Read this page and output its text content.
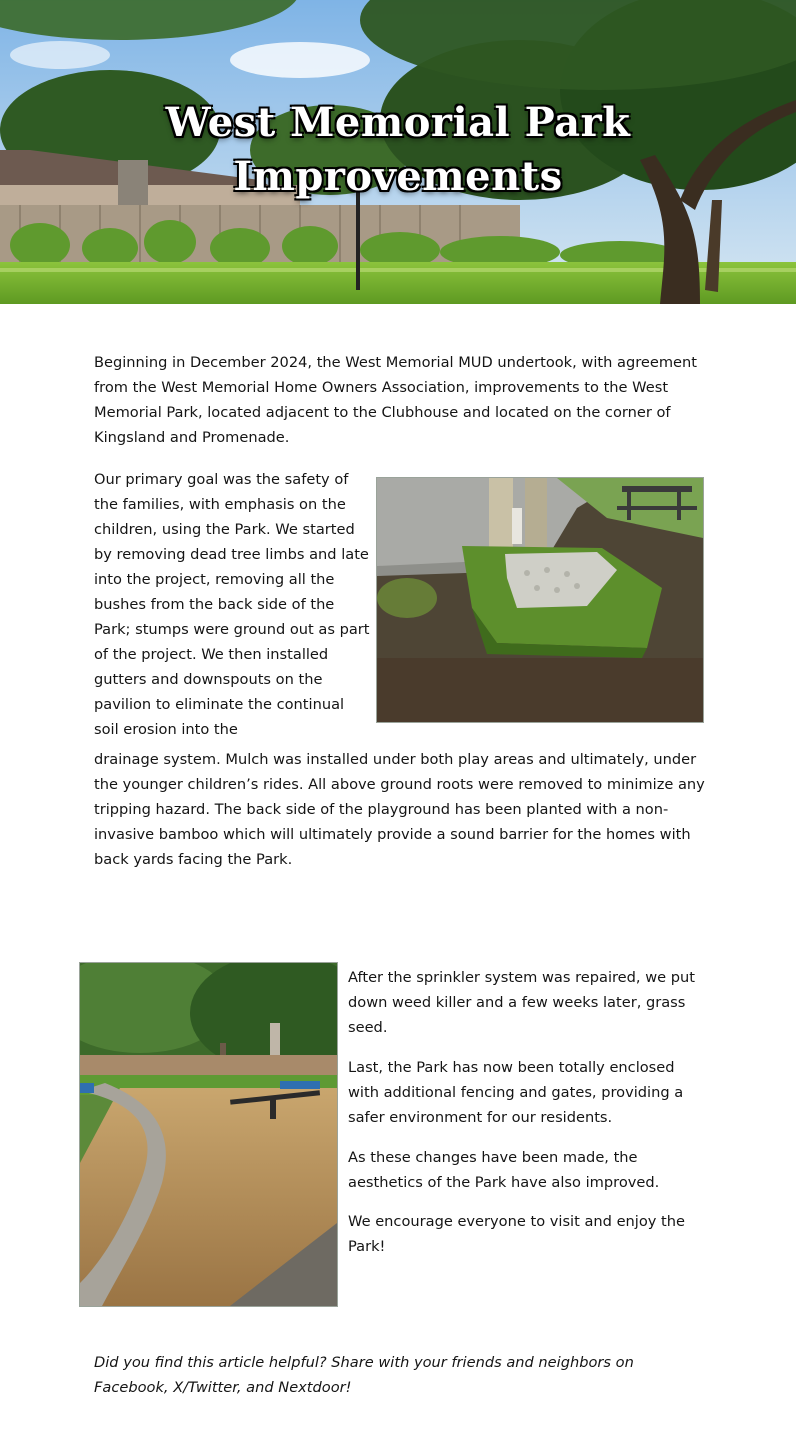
West Memorial Park
Improvements

Beginning in December 2024, the West Memorial MUD undertook, with agreement from the West Memorial Home Owners Association, improvements to the West Memorial Park, located adjacent to the Clubhouse and located on the corner of Kingsland and Promenade.

Our primary goal was the safety of the families, with emphasis on the children, using the Park. We started by removing dead tree limbs and late into the project, removing all the bushes from the back side of the Park; stumps were ground out as part of the project. We then installed gutters and downspouts on the pavilion to eliminate the continual soil erosion into the

drainage system. Mulch was installed under both play areas and ultimately, under the younger children’s rides. All above ground roots were removed to minimize any tripping hazard. The back side of the playground has been planted with a non-invasive bamboo which will ultimately provide a sound barrier for the homes with back yards facing the Park.

After the sprinkler system was repaired, we put down weed killer and a few weeks later, grass seed.

Last, the Park has now been totally enclosed with additional fencing and gates, providing a safer environment for our residents.

As these changes have been made, the aesthetics of the Park have also improved.

We encourage everyone to visit and enjoy the Park!

Did you find this article helpful? Share with your friends and neighbors on Facebook, X/Twitter, and Nextdoor!
